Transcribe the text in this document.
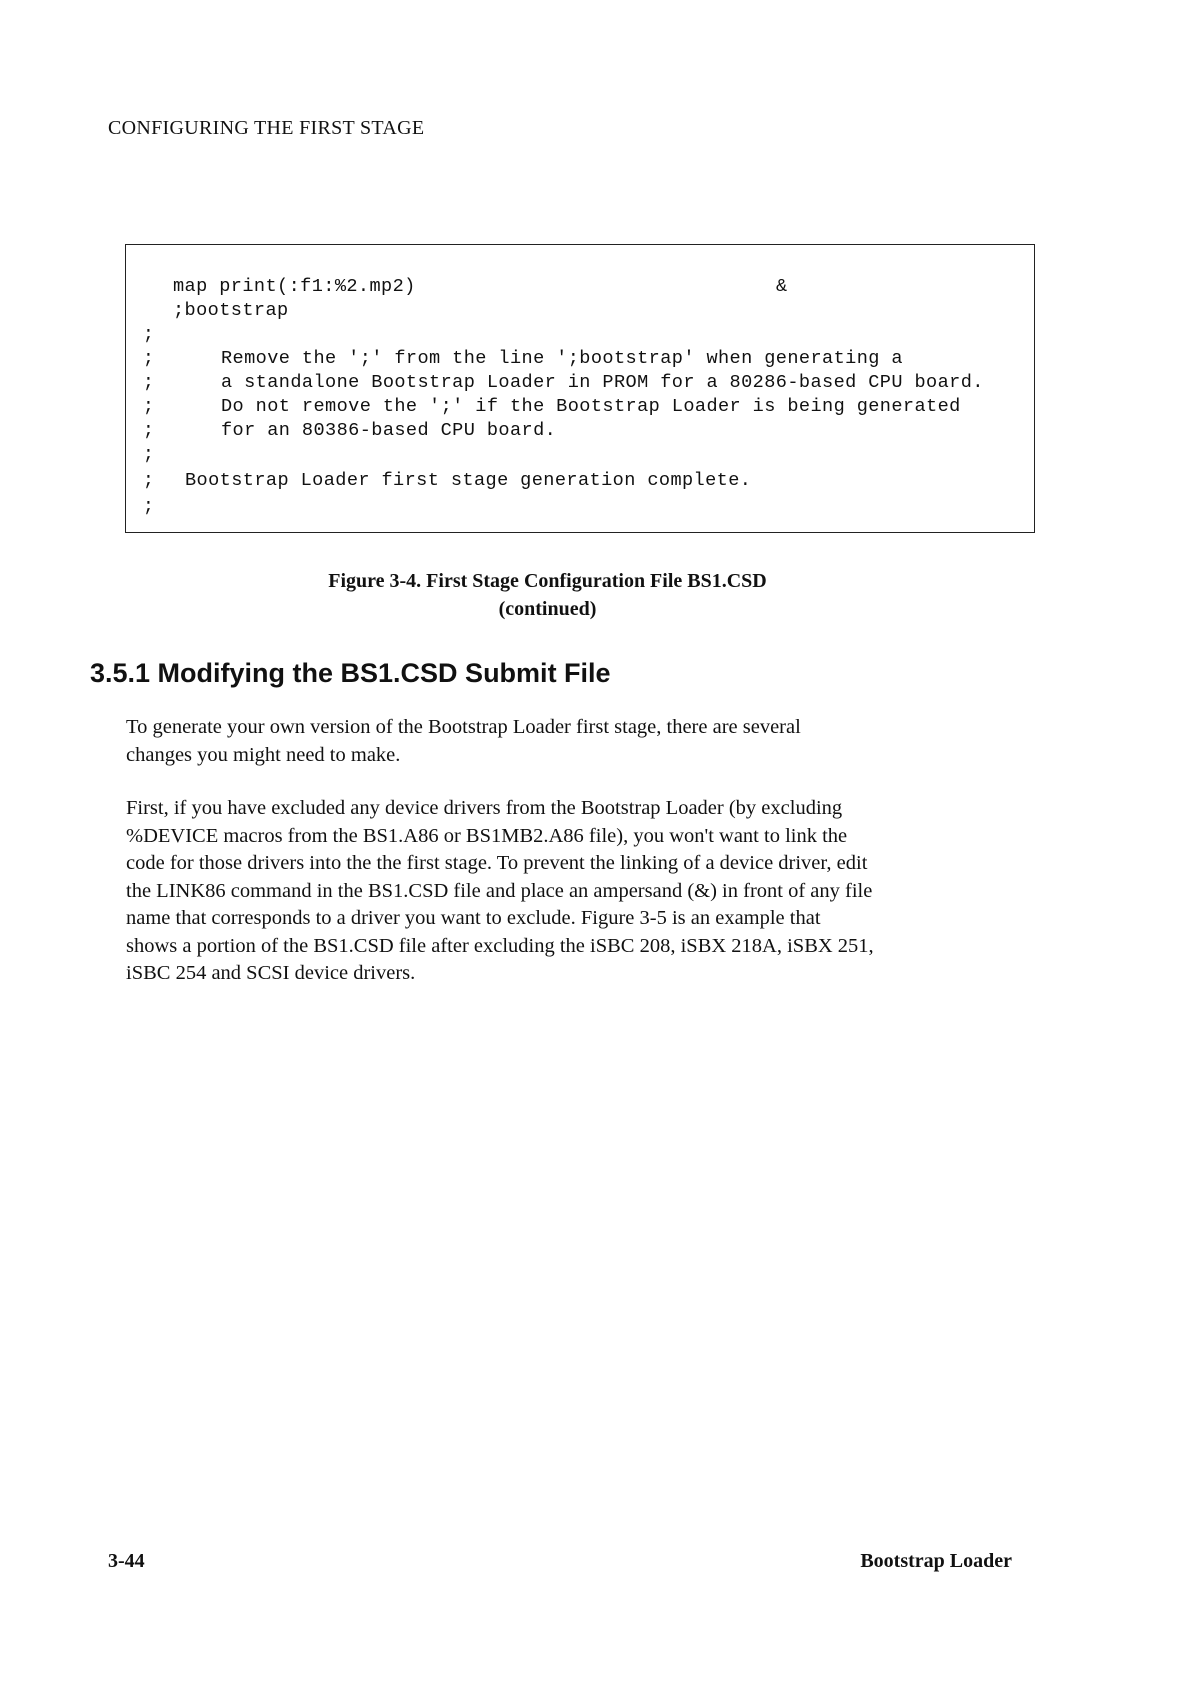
CONFIGURING THE FIRST STAGE
map print(:f1:%2.mp2)	&
;bootstrap
;
;
;
;
;
;
;
;
Remove the ';' from the line ';bootstrap' when generating a
a standalone Bootstrap Loader in PROM for a 80286-based CPU board.
Do not remove the ';' if the Bootstrap Loader is being generated
for an 80386-based CPU board.
Bootstrap Loader first stage generation complete.
Figure 3-4. First Stage Configuration File BS1.CSD
(continued)
3.5.1 Modifying the BS1.CSD Submit File
To generate your own version of the Bootstrap Loader first stage, there are several
changes you might need to make.
First, if you have excluded any device drivers from the Bootstrap Loader (by excluding
%DEVICE macros from the BS1.A86 or BS1MB2.A86 file), you won't want to link the
code for those drivers into the the first stage. To prevent the linking of a device driver, edit
the LINK86 command in the BS1.CSD file and place an ampersand (&) in front of any file
name that corresponds to a driver you want to exclude. Figure 3-5 is an example that
shows a portion of the BS1.CSD file after excluding the iSBC 208, iSBX 218A, iSBX 251,
iSBC 254 and SCSI device drivers.
3-44	Bootstrap Loader
